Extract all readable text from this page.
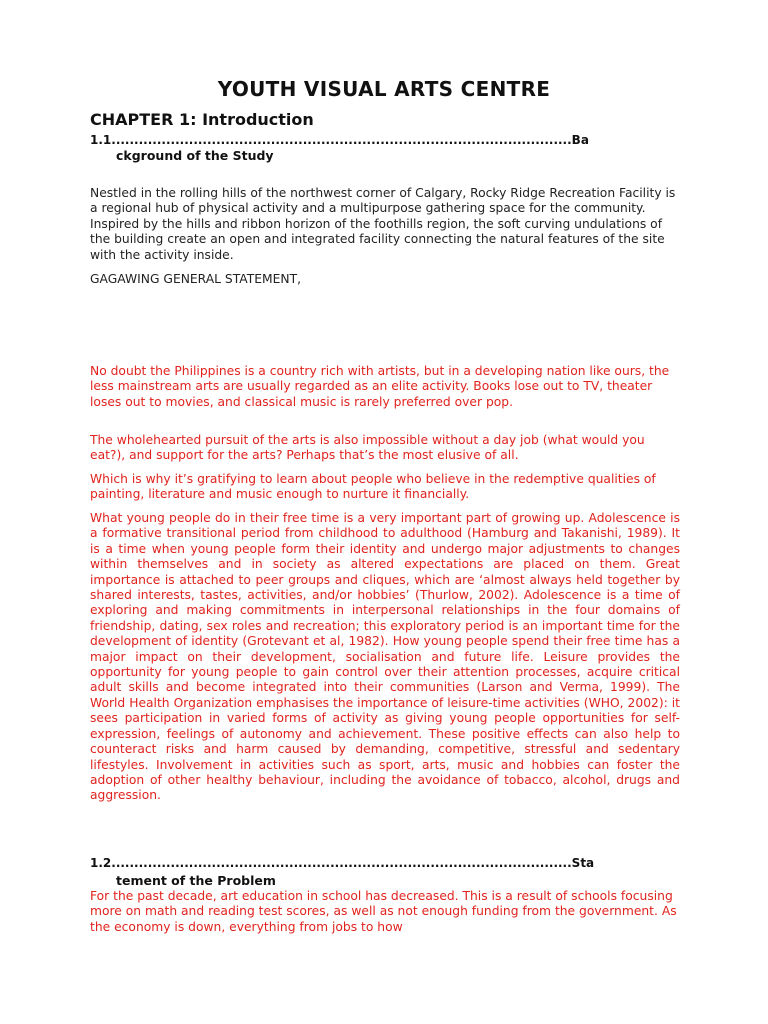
YOUTH VISUAL ARTS CENTRE
CHAPTER 1: Introduction
1.1.....................................................................................................Ba
ckground of the Study

Nestled in the rolling hills of the northwest corner of Calgary, Rocky Ridge Recreation Facility is a regional hub of physical activity and a multipurpose gathering space for the community. Inspired by the hills and ribbon horizon of the foothills region, the soft curving undulations of the building create an open and integrated facility connecting the natural features of the site with the activity inside.

GAGAWING GENERAL STATEMENT,

No doubt the Philippines is a country rich with artists, but in a developing nation like ours, the less mainstream arts are usually regarded as an elite activity. Books lose out to TV, theater loses out to movies, and classical music is rarely preferred over pop.

The wholehearted pursuit of the arts is also impossible without a day job (what would you eat?), and support for the arts? Perhaps that’s the most elusive of all.

Which is why it’s gratifying to learn about people who believe in the redemptive qualities of painting, literature and music enough to nurture it financially.

What young people do in their free time is a very important part of growing up. Adolescence is a formative transitional period from childhood to adulthood (Hamburg and Takanishi, 1989). It is a time when young people form their identity and undergo major adjustments to changes within themselves and in society as altered expectations are placed on them. Great importance is attached to peer groups and cliques, which are ‘almost always held together by shared interests, tastes, activities, and/or hobbies’ (Thurlow, 2002). Adolescence is a time of exploring and making commitments in interpersonal relationships in the four domains of friendship, dating, sex roles and recreation; this exploratory period is an important time for the development of identity (Grotevant et al, 1982). How young people spend their free time has a major impact on their development, socialisation and future life. Leisure provides the opportunity for young people to gain control over their attention processes, acquire critical adult skills and become integrated into their communities (Larson and Verma, 1999). The World Health Organization emphasises the importance of leisure-time activities (WHO, 2002): it sees participation in varied forms of activity as giving young people opportunities for self-expression, feelings of autonomy and achievement. These positive effects can also help to counteract risks and harm caused by demanding, competitive, stressful and sedentary lifestyles. Involvement in activities such as sport, arts, music and hobbies can foster the adoption of other healthy behaviour, including the avoidance of tobacco, alcohol, drugs and aggression.

1.2.....................................................................................................Sta
tement of the Problem

For the past decade, art education in school has decreased. This is a result of schools focusing more on math and reading test scores, as well as not enough funding from the government. As the economy is down, everything from jobs to how
